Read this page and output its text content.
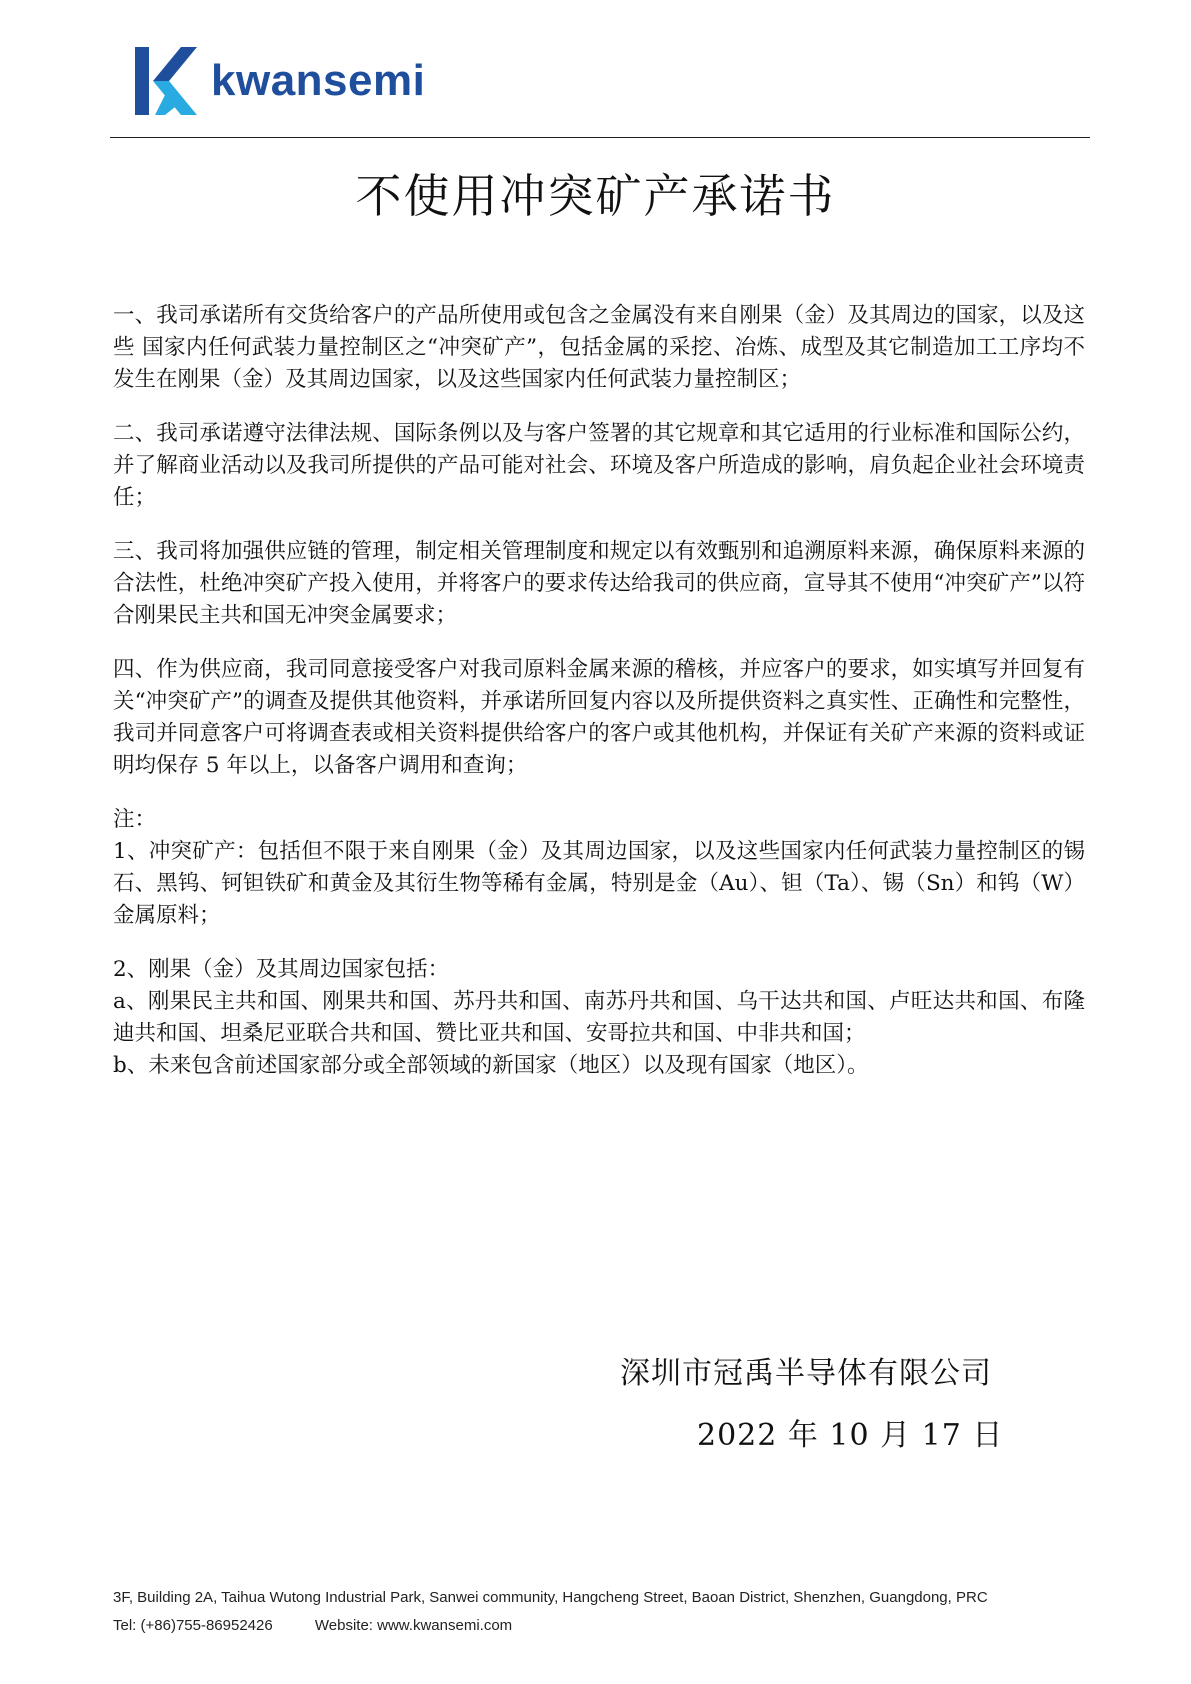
kwansemi
不使用冲突矿产承诺书

一、我司承诺所有交货给客户的产品所使用或包含之金属没有来自刚果（金）及其周边的国家，以及这些 国家内任何武装力量控制区之“冲突矿产”，包括金属的采挖、冶炼、成型及其它制造加工工序均不发生在刚果（金）及其周边国家，以及这些国家内任何武装力量控制区；

二、我司承诺遵守法律法规、国际条例以及与客户签署的其它规章和其它适用的行业标准和国际公约，并了解商业活动以及我司所提供的产品可能对社会、环境及客户所造成的影响，肩负起企业社会环境责任；

三、我司将加强供应链的管理，制定相关管理制度和规定以有效甄别和追溯原料来源，确保原料来源的合法性，杜绝冲突矿产投入使用，并将客户的要求传达给我司的供应商，宣导其不使用“冲突矿产”以符合刚果民主共和国无冲突金属要求；

四、作为供应商，我司同意接受客户对我司原料金属来源的稽核，并应客户的要求，如实填写并回复有关“冲突矿产”的调查及提供其他资料，并承诺所回复内容以及所提供资料之真实性、正确性和完整性，我司并同意客户可将调查表或相关资料提供给客户的客户或其他机构，并保证有关矿产来源的资料或证明均保存 5 年以上，以备客户调用和查询；

注：

1、冲突矿产：包括但不限于来自刚果（金）及其周边国家，以及这些国家内任何武装力量控制区的锡石、黑钨、钶钽铁矿和黄金及其衍生物等稀有金属，特别是金（Au）、钽（Ta）、锡（Sn）和钨（W）金属原料；

2、刚果（金）及其周边国家包括：

a、刚果民主共和国、刚果共和国、苏丹共和国、南苏丹共和国、乌干达共和国、卢旺达共和国、布隆迪共和国、坦桑尼亚联合共和国、赞比亚共和国、安哥拉共和国、中非共和国；

b、未来包含前述国家部分或全部领域的新国家（地区）以及现有国家（地区）。

深圳市冠禹半导体有限公司
2022 年 10 月 17 日
3F, Building 2A, Taihua Wutong Industrial Park, Sanwei community, Hangcheng Street, Baoan District, Shenzhen, Guangdong, PRC
Tel: (+86)755-86952426	Website: www.kwansemi.com
